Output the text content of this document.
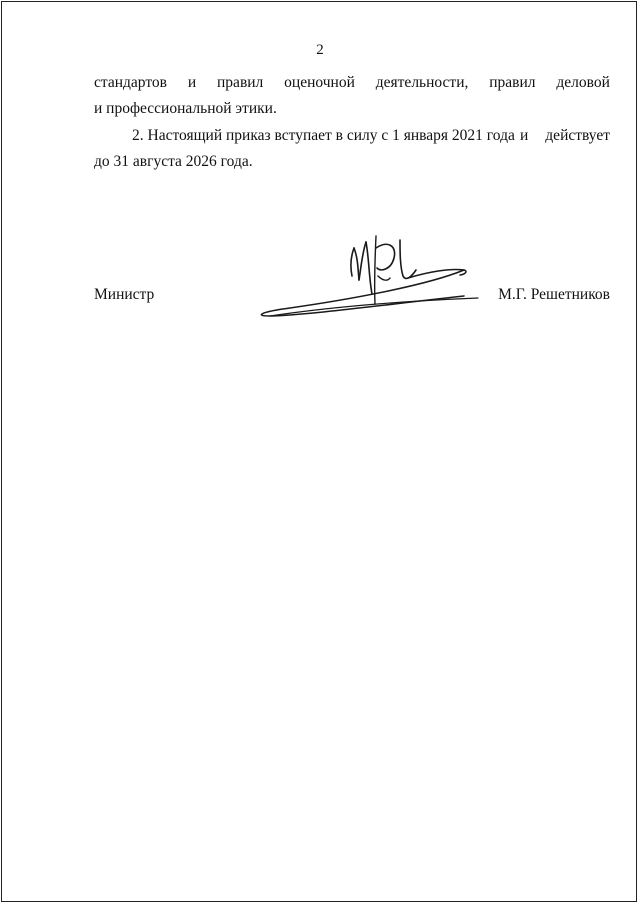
2
стандартов и правил оценочной деятельности, правил деловой
и профессиональной этики.
2. Настоящий приказ вступает в силу с 1 января 2021 года и действует
до 31 августа 2026 года.
Министр	М.Г. Решетников
